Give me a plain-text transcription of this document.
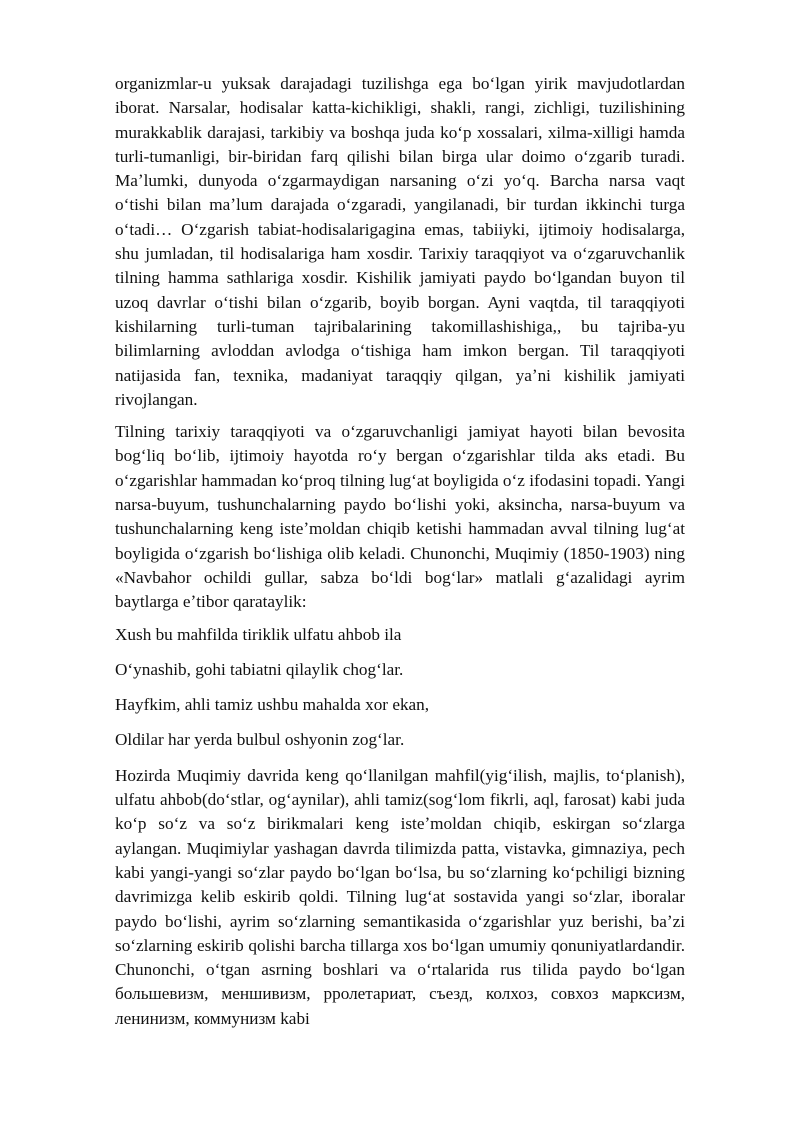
organizmlar-u yuksak darajadagi tuzilishga ega boʻlgan yirik mavjudotlardan iborat. Narsalar, hodisalar katta-kichikligi, shakli, rangi, zichligi, tuzilishining murakkablik darajasi, tarkibiy va boshqa juda koʻp xossalari, xilma-xilligi hamda turli-tumanligi, bir-biridan farq qilishi bilan birga ular doimo oʻzgarib turadi. Maʼlumki, dunyoda oʻzgarmaydigan narsaning oʻzi yoʻq. Barcha narsa vaqt oʻtishi bilan maʼlum darajada oʻzgaradi, yangilanadi, bir turdan ikkinchi turga oʻtadi… Oʻzgarish tabiat-hodisalarigagina emas, tabiiyki, ijtimoiy hodisalarga, shu jumladan, til hodisalariga ham xosdir. Tarixiy taraqqiyot va oʻzgaruvchanlik tilning hamma sathlariga xosdir. Kishilik jamiyati paydo boʻlgandan buyon til uzoq davrlar oʻtishi bilan oʻzgarib, boyib borgan. Ayni vaqtda, til taraqqiyoti kishilarning turli-tuman tajribalarining takomillashishiga,, bu tajriba-yu bilimlarning avloddan avlodga oʻtishiga ham imkon bergan. Til taraqqiyoti natijasida fan, texnika, madaniyat taraqqiy qilgan, yaʼni kishilik jamiyati rivojlangan.

Tilning tarixiy taraqqiyoti va oʻzgaruvchanligi jamiyat hayoti bilan bevosita bogʻliq boʻlib, ijtimoiy hayotda roʻy bergan oʻzgarishlar tilda aks etadi. Bu oʻzgarishlar hammadan koʻproq tilning lugʻat boyligida oʻz ifodasini topadi. Yangi narsa-buyum, tushunchalarning paydo boʻlishi yoki, aksincha, narsa-buyum va tushunchalarning keng isteʼmoldan chiqib ketishi hammadan avval tilning lugʻat boyligida oʻzgarish boʻlishiga olib keladi. Chunonchi, Muqimiy (1850-1903) ning «Navbahor ochildi gullar, sabza boʻldi bogʻlar» matlali gʻazalidagi ayrim baytlarga eʼtibor qarataylik:

Xush bu mahfilda tiriklik ulfatu ahbob ila

Oʻynashib, gohi tabiatni qilaylik chogʻlar.

Hayfkim, ahli tamiz ushbu mahalda xor ekan,

Oldilar har yerda bulbul oshyonin zogʻlar.

Hozirda Muqimiy davrida keng qoʻllanilgan mahfil(yigʻilish, majlis, toʻplanish), ulfatu ahbob(doʻstlar, ogʻaynilar), ahli tamiz(sogʻlom fikrli, aql, farosat) kabi juda koʻp soʻz va soʻz birikmalari keng isteʼmoldan chiqib, eskirgan soʻzlarga aylangan. Muqimiylar yashagan davrda tilimizda patta, vistavka, gimnaziya, pech kabi yangi-yangi soʻzlar paydo boʻlgan boʻlsa, bu soʻzlarning koʻpchiligi bizning davrimizga kelib eskirib qoldi. Tilning lugʻat sostavida yangi soʻzlar, iboralar paydo boʻlishi, ayrim soʻzlarning semantikasida oʻzgarishlar yuz berishi, baʼzi soʻzlarning eskirib qolishi barcha tillarga xos boʻlgan umumiy qonuniyatlardandir. Chunonchi, oʻtgan asrning boshlari va oʻrtalarida rus tilida paydo boʻlgan большевизм, меншивизм, рролетариат, съезд, колхоз, совхоз марксизм, ленинизм, коммунизм kabi
